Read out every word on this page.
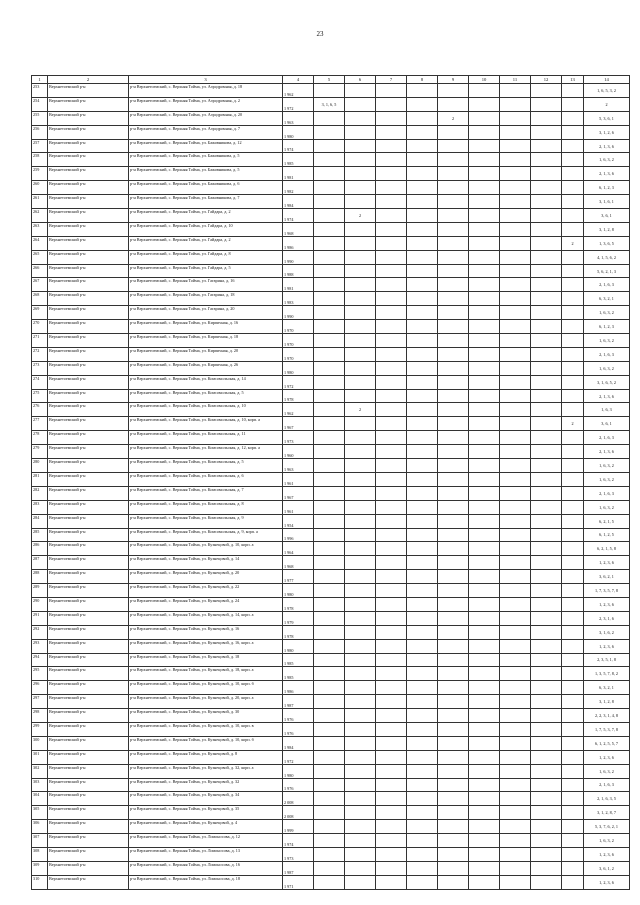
23
1	2	3	4	5	6	7	8	9	10	11	12	13	14
253	Верхнетоемский р-н	р-н Верхнетоемский, с. Верхняя Тойма, ул. Аэродромная, д. 18	1 962										1, 6, 5, 3, 2
254	Верхнетоемский р-н	р-н Верхнетоемский, с. Верхняя Тойма, ул. Аэродромная, д. 2	1 972	3, 1, 6, 5									2
255	Верхнетоемский р-н	р-н Верхнетоемский, с. Верхняя Тойма, ул. Аэродромная, д. 20	1 963					2					5, 3, 6, 1
256	Верхнетоемский р-н	р-н Верхнетоемский, с. Верхняя Тойма, ул. Аэродромная, д. 7	1 980										3, 1, 2, 6
257	Верхнетоемский р-н	р-н Верхнетоемский, с. Верхняя Тойма, ул. Бажовникова, д. 12	1 974										2, 1, 3, 6
258	Верхнетоемский р-н	р-н Верхнетоемский, с. Верхняя Тойма, ул. Бажовникова, д. 5	1 985										1, 6, 3, 2
259	Верхнетоемский р-н	р-н Верхнетоемский, с. Верхняя Тойма, ул. Бажовникова, д. 5	1 981										2, 1, 3, 6
260	Верхнетоемский р-н	р-н Верхнетоемский, с. Верхняя Тойма, ул. Бажовникова, д. 6	1 982										6, 1, 2, 3
261	Верхнетоемский р-н	р-н Верхнетоемский, с. Верхняя Тойма, ул. Бажовникова, д. 7	1 984										3, 1, 6, 1
262	Верхнетоемский р-н	р-н Верхнетоемский, с. Верхняя Тойма, ул. Гайдара, д. 2	1 974		2								3, 6, 1
263	Верхнетоемский р-н	р-н Верхнетоемский, с. Верхняя Тойма, ул. Гайдара, д. 10	1 968										3, 1, 2, 8
264	Верхнетоемский р-н	р-н Верхнетоемский, с. Верхняя Тойма, ул. Гайдара, д. 2	1 986									2	1, 3, 6, 5
265	Верхнетоемский р-н	р-н Верхнетоемский, с. Верхняя Тойма, ул. Гайдара, д. 8	1 990										4, 1, 5, 6, 2
266	Верхнетоемский р-н	р-н Верхнетоемский, с. Верхняя Тойма, ул. Гайдара, д. 5	1 988										5, 6, 2, 1, 3
267	Верхнетоемский р-н	р-н Верхнетоемский, с. Верхняя Тойма, ул. Гагарина, д. 16	1 981										2, 1, 6, 3
268	Верхнетоемский р-н	р-н Верхнетоемский, с. Верхняя Тойма, ул. Гагарина, д. 18	1 983										6, 3, 2, 1
269	Верхнетоемский р-н	р-н Верхнетоемский, с. Верхняя Тойма, ул. Гагарина, д. 20	1 990										1, 6, 3, 2
270	Верхнетоемский р-н	р-н Верхнетоемский, с. Верхняя Тойма, ул. Кирпичная, д. 16	1 970										6, 1, 2, 3
271	Верхнетоемский р-н	р-н Верхнетоемский, с. Верхняя Тойма, ул. Кирпичная, д. 18	1 970										1, 6, 3, 2
272	Верхнетоемский р-н	р-н Верхнетоемский, с. Верхняя Тойма, ул. Кирпичная, д. 20	1 970										2, 1, 6, 3
273	Верхнетоемский р-н	р-н Верхнетоемский, с. Верхняя Тойма, ул. Кирпичная, д. 26	1 980										1, 6, 3, 2
274	Верхнетоемский р-н	р-н Верхнетоемский, с. Верхняя Тойма, ул. Комсомольская, д. 14	1 972										3, 1, 6, 5, 2
275	Верхнетоемский р-н	р-н Верхнетоемский, с. Верхняя Тойма, ул. Комсомольская, д. 5	1 978										2, 1, 3, 6
276	Верхнетоемский р-н	р-н Верхнетоемский, с. Верхняя Тойма, ул. Комсомольская, д. 10	1 962		2								1, 6, 3
277	Верхнетоемский р-н	р-н Верхнетоемский, с. Верхняя Тойма, ул. Комсомольская, д. 10, корп. а	1 967									2	3, 6, 1
278	Верхнетоемский р-н	р-н Верхнетоемский, с. Верхняя Тойма, ул. Комсомольская, д. 11	1 973										2, 1, 6, 3
279	Верхнетоемский р-н	р-н Верхнетоемский, с. Верхняя Тойма, ул. Комсомольская, д. 12, корп. а	1 960										2, 1, 3, 6
280	Верхнетоемский р-н	р-н Верхнетоемский, с. Верхняя Тойма, ул. Комсомольская, д. 5	1 963										1, 6, 3, 2
281	Верхнетоемский р-н	р-н Верхнетоемский, с. Верхняя Тойма, ул. Комсомольская, д. 6	1 961										1, 6, 3, 2
282	Верхнетоемский р-н	р-н Верхнетоемский, с. Верхняя Тойма, ул. Комсомольская, д. 7	1 967										2, 1, 6, 3
283	Верхнетоемский р-н	р-н Верхнетоемский, с. Верхняя Тойма, ул. Комсомольская, д. 8	1 961										1, 6, 3, 2
284	Верхнетоемский р-н	р-н Верхнетоемский, с. Верхняя Тойма, ул. Комсомольская, д. 9	1 954										6, 2, 1, 5
285	Верхнетоемский р-н	р-н Верхнетоемский, с. Верхняя Тойма, ул. Комсомольская, д. 9, корп. а	1 996										6, 1, 2, 5
286	Верхнетоемский р-н	р-н Верхнетоемский, с. Верхняя Тойма, ул. Кузнецовой, д. 10, корп. а	1 964										6, 2, 1, 5, 8
287	Верхнетоемский р-н	р-н Верхнетоемский, с. Верхняя Тойма, ул. Кузнецовой, д. 14	1 968										1, 2, 3, 6
288	Верхнетоемский р-н	р-н Верхнетоемский, с. Верхняя Тойма, ул. Кузнецовой, д. 20	1 977										3, 6, 2, 1
289	Верхнетоемский р-н	р-н Верхнетоемский, с. Верхняя Тойма, ул. Кузнецовой, д. 22	1 980										1, 7, 3, 5, 7, 8
290	Верхнетоемский р-н	р-н Верхнетоемский, с. Верхняя Тойма, ул. Кузнецовой, д. 24	1 978										1, 2, 3, 6
291	Верхнетоемский р-н	р-н Верхнетоемский, с. Верхняя Тойма, ул. Кузнецовой, д. 14, корп. а	1 979										2, 3, 1, 6
292	Верхнетоемский р-н	р-н Верхнетоемский, с. Верхняя Тойма, ул. Кузнецовой, д. 16	1 978										3, 1, 6, 2
293	Верхнетоемский р-н	р-н Верхнетоемский, с. Верхняя Тойма, ул. Кузнецовой, д. 16, корп. а	1 980										1, 2, 3, 6
294	Верхнетоемский р-н	р-н Верхнетоемский, с. Верхняя Тойма, ул. Кузнецовой, д. 18	1 985										2, 3, 5, 1, 8
295	Верхнетоемский р-н	р-н Верхнетоемский, с. Верхняя Тойма, ул. Кузнецовой, д. 18, корп. а	1 985										1, 3, 5, 7, 8, 2
296	Верхнетоемский р-н	р-н Верхнетоемский, с. Верхняя Тойма, ул. Кузнецовой, д. 10, корп. б	1 986										6, 3, 2, 1
297	Верхнетоемский р-н	р-н Верхнетоемский, с. Верхняя Тойма, ул. Кузнецовой, д. 20, корп. а	1 987										3, 1, 2, 8
298	Верхнетоемский р-н	р-н Верхнетоемский, с. Верхняя Тойма, ул. Кузнецовой, д. 30	1 976										2, 2, 3, 1, 4, 8
299	Верхнетоемский р-н	р-н Верхнетоемский, с. Верхняя Тойма, ул. Кузнецовой, д. 10, корп. в	1 976										1, 7, 5, 3, 7, 8
300	Верхнетоемский р-н	р-н Верхнетоемский, с. Верхняя Тойма, ул. Кузнецовой, д. 10, корп. б	1 984										6, 1, 2, 5, 5, 7
301	Верхнетоемский р-н	р-н Верхнетоемский, с. Верхняя Тойма, ул. Кузнецовой, д. 8	1 972										1, 2, 3, 6
302	Верхнетоемский р-н	р-н Верхнетоемский, с. Верхняя Тойма, ул. Кузнецовой, д. 32, корп. а	1 980										1, 6, 3, 2
303	Верхнетоемский р-н	р-н Верхнетоемский, с. Верхняя Тойма, ул. Кузнецовой, д. 32	1 976										2, 1, 6, 3
304	Верхнетоемский р-н	р-н Верхнетоемский, с. Верхняя Тойма, ул. Кузнецовой, д. 34	2 008										2, 1, 6, 3, 5
305	Верхнетоемский р-н	р-н Верхнетоемский, с. Верхняя Тойма, ул. Кузнецовой, д. 35	2 008										3, 1, 2, 8, 7
306	Верхнетоемский р-н	р-н Верхнетоемский, с. Верхняя Тойма, ул. Кузнецовой, д. 4	1 999										5, 3, 7, 6, 2, 1
307	Верхнетоемский р-н	р-н Верхнетоемский, с. Верхняя Тойма, ул. Ломоносова, д. 12	1 974										1, 6, 3, 2
308	Верхнетоемский р-н	р-н Верхнетоемский, с. Верхняя Тойма, ул. Ломоносова, д. 13	1 973										1, 2, 3, 6
309	Верхнетоемский р-н	р-н Верхнетоемский, с. Верхняя Тойма, ул. Ломоносова, д. 16	1 987										3, 6, 1, 2
310	Верхнетоемский р-н	р-н Верхнетоемский, с. Верхняя Тойма, ул. Ломоносова, д. 18	1 971										1, 2, 3, 6
